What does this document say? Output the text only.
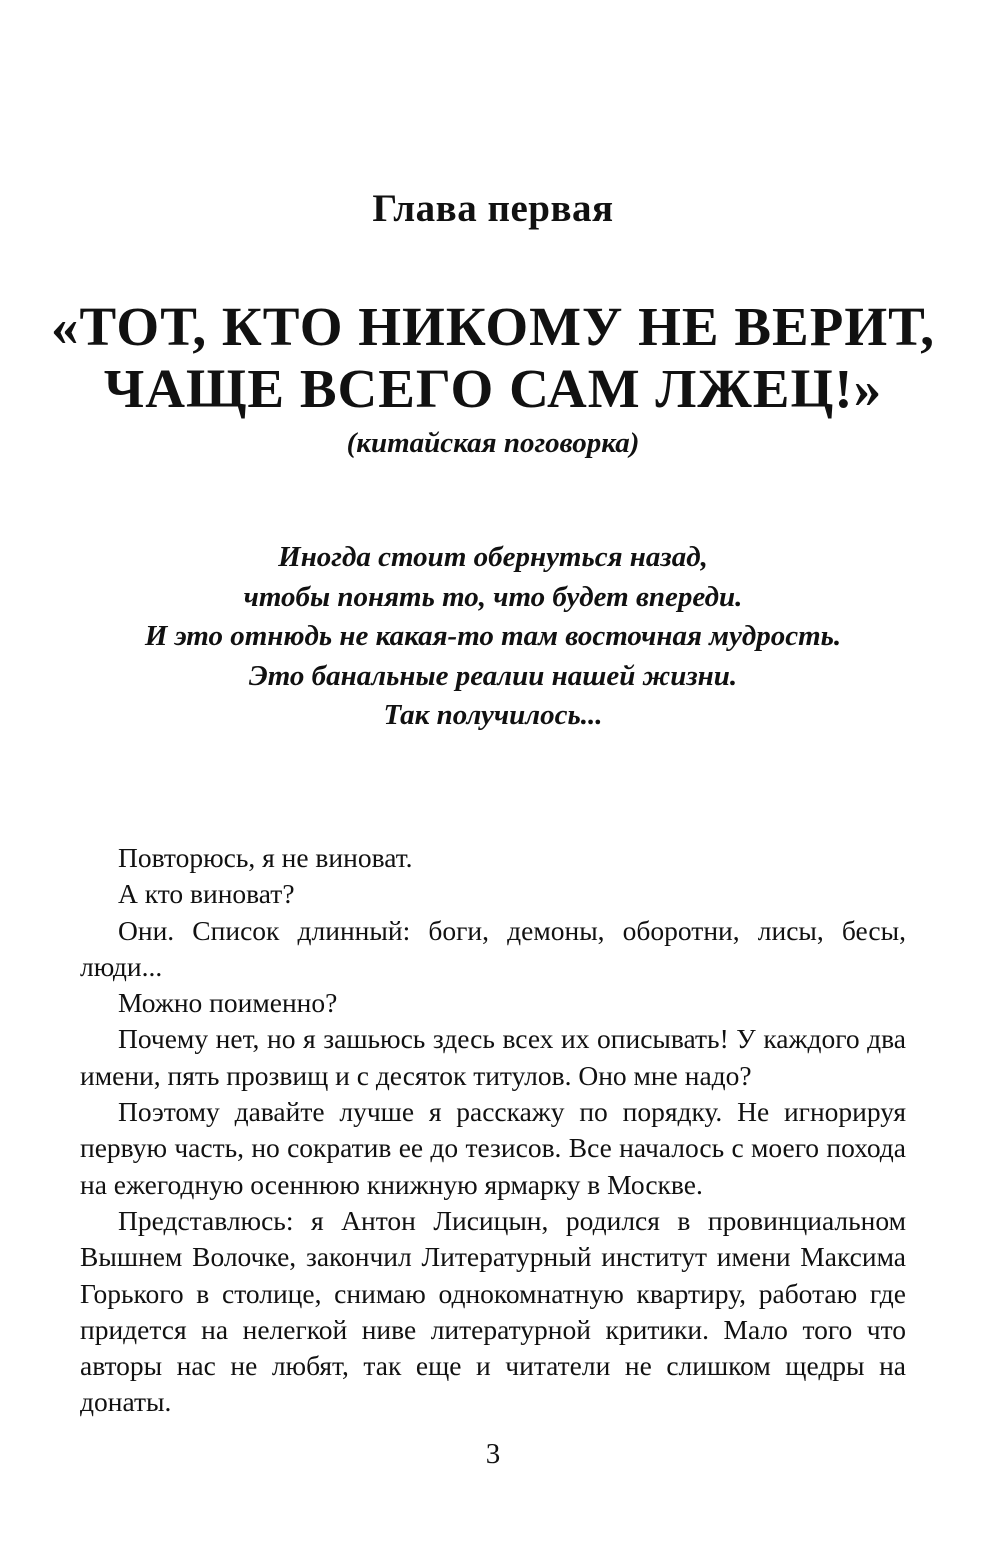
Глава первая
«ТОТ, КТО НИКОМУ НЕ ВЕРИТ,
ЧАЩЕ ВСЕГО САМ ЛЖЕЦ!»
(китайская поговорка)
Иногда стоит обернуться назад,
чтобы понять то, что будет впереди.
И это отнюдь не какая-то там восточная мудрость.
Это банальные реалии нашей жизни.
Так получилось...

Повторюсь, я не виноват.

А кто виноват?

Они. Список длинный: боги, демоны, оборотни, лисы, бесы, люди...

Можно поименно?

Почему нет, но я зашьюсь здесь всех их описывать! У каждого два имени, пять прозвищ и с десяток титулов. Оно мне надо?

Поэтому давайте лучше я расскажу по порядку. Не игнорируя первую часть, но сократив ее до тезисов. Все началось с моего похода на ежегодную осеннюю книжную ярмарку в Москве.

Представлюсь: я Антон Лисицын, родился в провинциальном Вышнем Волочке, закончил Литературный институт имени Максима Горького в столице, снимаю однокомнатную квартиру, работаю где придется на нелегкой ниве литературной критики. Мало того что авторы нас не любят, так еще и читатели не слишком щедры на донаты.

3
